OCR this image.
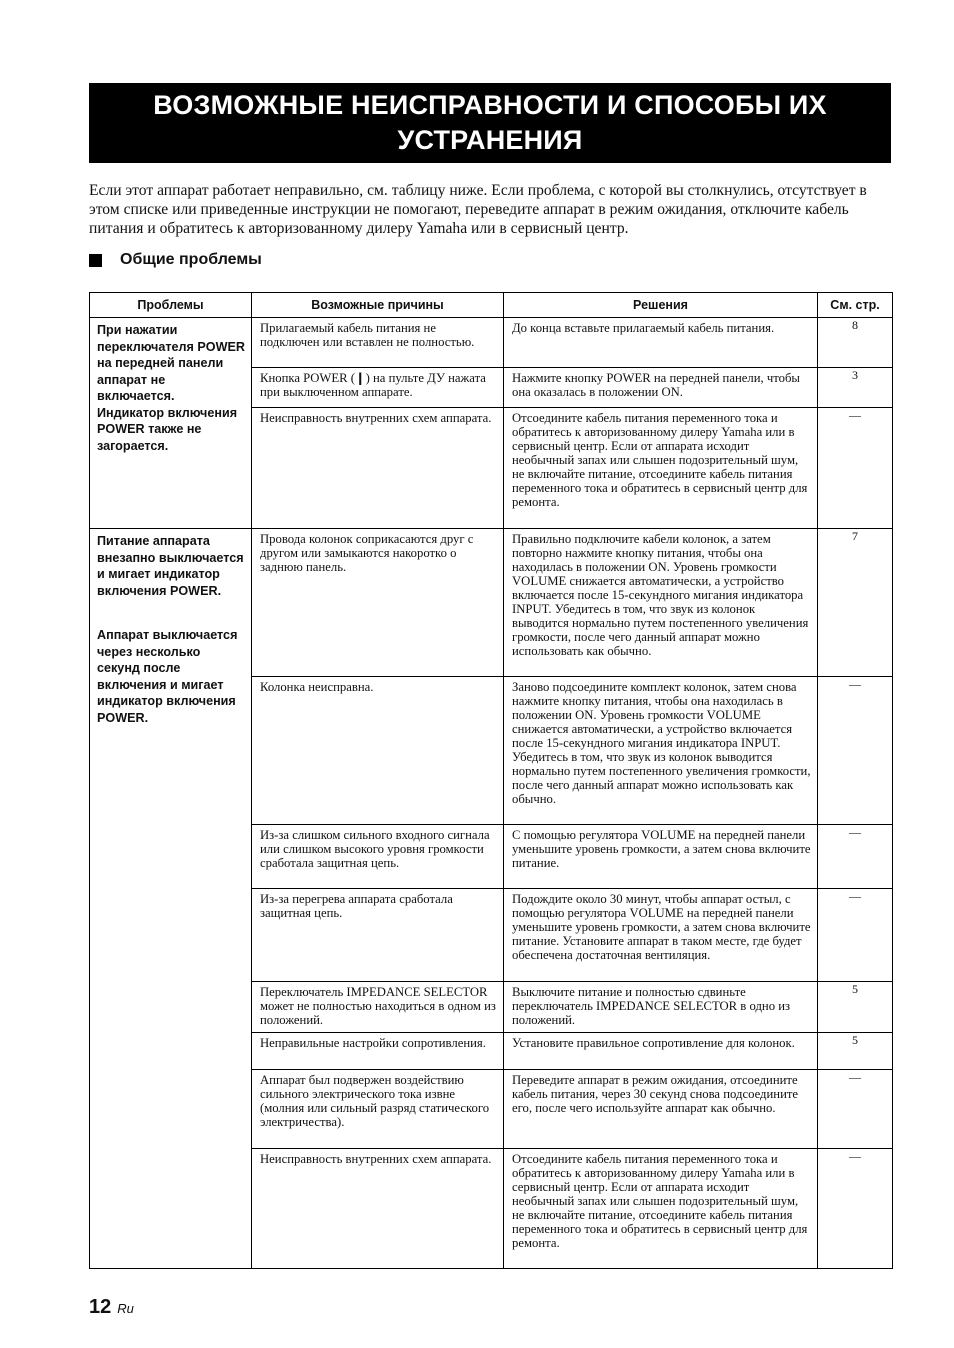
ВОЗМОЖНЫЕ НЕИСПРАВНОСТИ И СПОСОБЫ ИХ УСТРАНЕНИЯ

Если этот аппарат работает неправильно, см. таблицу ниже. Если проблема, с которой вы столкнулись, отсутствует в этом списке или приведенные инструкции не помогают, переведите аппарат в режим ожидания, отключите кабель питания и обратитесь к авторизованному дилеру Yamaha или в сервисный центр.

Общие проблемы
Проблемы	Возможные причины	Решения	См. стр.

При нажатии переключателя POWER на передней панели аппарат не включается. Индикатор включения POWER также не загорается.	Прилагаемый кабель питания не подключен или вставлен не полностью.	До конца вставьте прилагаемый кабель питания.	8
	Кнопка POWER (❙) на пульте ДУ нажата при выключенном аппарате.	Нажмите кнопку POWER на передней панели, чтобы она оказалась в положении ON.	3
	Неисправность внутренних схем аппарата.	Отсоедините кабель питания переменного тока и обратитесь к авторизованному дилеру Yamaha или в сервисный центр. Если от аппарата исходит необычный запах или слышен подозрительный шум, не включайте питание, отсоедините кабель питания переменного тока и обратитесь в сервисный центр для ремонта.	—

Питание аппарата внезапно выключается и мигает индикатор включения POWER.
Аппарат выключается через несколько секунд после включения и мигает индикатор включения POWER.	Провода колонок соприкасаются друг с другом или замыкаются накоротко о заднюю панель.	Правильно подключите кабели колонок, а затем повторно нажмите кнопку питания, чтобы она находилась в положении ON. Уровень громкости VOLUME снижается автоматически, а устройство включается после 15-секундного мигания индикатора INPUT. Убедитесь в том, что звук из колонок выводится нормально путем постепенного увеличения громкости, после чего данный аппарат можно использовать как обычно.	7
	Колонка неисправна.	Заново подсоедините комплект колонок, затем снова нажмите кнопку питания, чтобы она находилась в положении ON. Уровень громкости VOLUME снижается автоматически, а устройство включается после 15-секундного мигания индикатора INPUT. Убедитесь в том, что звук из колонок выводится нормально путем постепенного увеличения громкости, после чего данный аппарат можно использовать как обычно.	—
	Из-за слишком сильного входного сигнала или слишком высокого уровня громкости сработала защитная цепь.	С помощью регулятора VOLUME на передней панели уменьшите уровень громкости, а затем снова включите питание.	—
	Из-за перегрева аппарата сработала защитная цепь.	Подождите около 30 минут, чтобы аппарат остыл, с помощью регулятора VOLUME на передней панели уменьшите уровень громкости, а затем снова включите питание. Установите аппарат в таком месте, где будет обеспечена достаточная вентиляция.	—
	Переключатель IMPEDANCE SELECTOR может не полностью находиться в одном из положений.	Выключите питание и полностью сдвиньте переключатель IMPEDANCE SELECTOR в одно из положений.	5
	Неправильные настройки сопротивления.	Установите правильное сопротивление для колонок.	5
	Аппарат был подвержен воздействию сильного электрического тока извне (молния или сильный разряд статического электричества).	Переведите аппарат в режим ожидания, отсоедините кабель питания, через 30 секунд снова подсоедините его, после чего используйте аппарат как обычно.	—
	Неисправность внутренних схем аппарата.	Отсоедините кабель питания переменного тока и обратитесь к авторизованному дилеру Yamaha или в сервисный центр. Если от аппарата исходит необычный запах или слышен подозрительный шум, не включайте питание, отсоедините кабель питания переменного тока и обратитесь в сервисный центр для ремонта.	—
12 Ru
